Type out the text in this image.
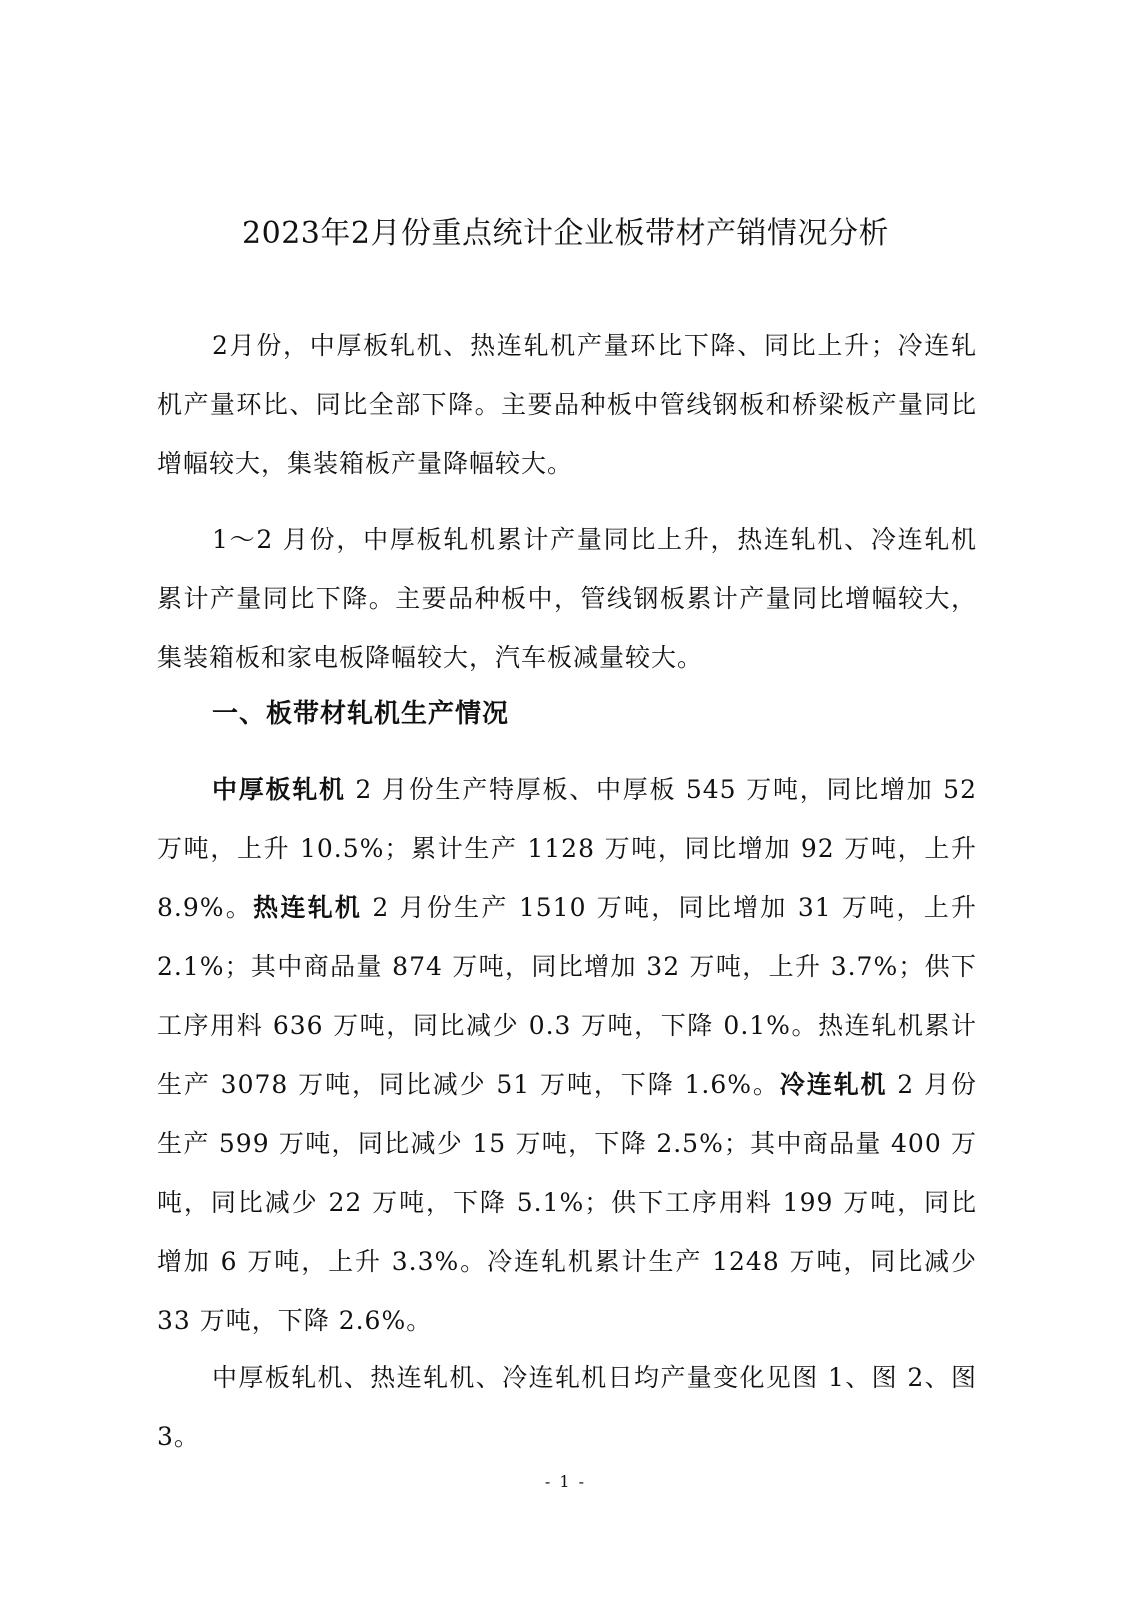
2023年2月份重点统计企业板带材产销情况分析

2月份，中厚板轧机、热连轧机产量环比下降、同比上升；冷连轧机产量环比、同比全部下降。主要品种板中管线钢板和桥梁板产量同比增幅较大，集装箱板产量降幅较大。

1～2 月份，中厚板轧机累计产量同比上升，热连轧机、冷连轧机累计产量同比下降。主要品种板中，管线钢板累计产量同比增幅较大，集装箱板和家电板降幅较大，汽车板减量较大。

一、板带材轧机生产情况

中厚板轧机 2 月份生产特厚板、中厚板 545 万吨，同比增加 52 万吨，上升 10.5%；累计生产 1128 万吨，同比增加 92 万吨，上升 8.9%。热连轧机 2 月份生产 1510 万吨，同比增加 31 万吨，上升 2.1%；其中商品量 874 万吨，同比增加 32 万吨，上升 3.7%；供下工序用料 636 万吨，同比减少 0.3 万吨，下降 0.1%。热连轧机累计生产 3078 万吨，同比减少 51 万吨，下降 1.6%。冷连轧机 2 月份生产 599 万吨，同比减少 15 万吨，下降 2.5%；其中商品量 400 万吨，同比减少 22 万吨，下降 5.1%；供下工序用料 199 万吨，同比增加 6 万吨，上升 3.3%。冷连轧机累计生产 1248 万吨，同比减少 33 万吨，下降 2.6%。

中厚板轧机、热连轧机、冷连轧机日均产量变化见图 1、图 2、图 3。

- 1 -
